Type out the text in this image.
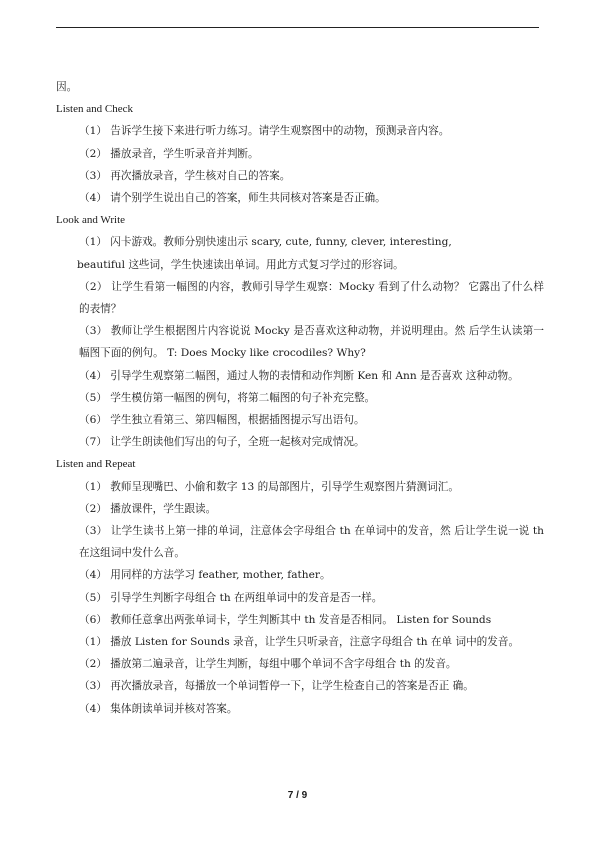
因。

Listen and Check

（1） 告诉学生接下来进行听力练习。请学生观察图中的动物，预测录音内容。

（2） 播放录音，学生听录音并判断。

（3） 再次播放录音，学生核对自己的答案。

（4） 请个别学生说出自己的答案，师生共同核对答案是否正确。

Look and Write

（1） 闪卡游戏。教师分别快速出示 scary, cute, funny, clever, interesting,

beautiful 这些词，学生快速读出单词。用此方式复习学过的形容词。

（2） 让学生看第一幅图的内容，教师引导学生观察：Mocky 看到了什么动物？ 它露出了什么样的表情？

（3） 教师让学生根据图片内容说说 Mocky 是否喜欢这种动物，并说明理由。然 后学生认读第一幅图下面的例句。 T: Does Mocky like crocodiles? Why?

（4） 引导学生观察第二幅图，通过人物的表情和动作判断 Ken 和 Ann 是否喜欢 这种动物。

（5） 学生模仿第一幅图的例句，将第二幅图的句子补充完整。

（6） 学生独立看第三、第四幅图，根据插图提示写出语句。

（7） 让学生朗读他们写出的句子，全班一起核对完成情况。

Listen and Repeat

（1） 教师呈现嘴巴、小偷和数字 13 的局部图片，引导学生观察图片猜测词汇。

（2） 播放课件，学生跟读。

（3） 让学生读书上第一排的单词，注意体会字母组合 th 在单词中的发音，然 后让学生说一说 th 在这组词中发什么音。

（4） 用同样的方法学习 feather, mother, father。

（5） 引导学生判断字母组合 th 在两组单词中的发音是否一样。

（6） 教师任意拿出两张单词卡，学生判断其中 th 发音是否相同。 Listen for Sounds

（1） 播放 Listen for Sounds 录音，让学生只听录音，注意字母组合 th 在单 词中的发音。

（2） 播放第二遍录音，让学生判断，每组中哪个单词不含字母组合 th 的发音。

（3） 再次播放录音，每播放一个单词暂停一下，让学生检查自己的答案是否正 确。

（4） 集体朗读单词并核对答案。

7 / 9
